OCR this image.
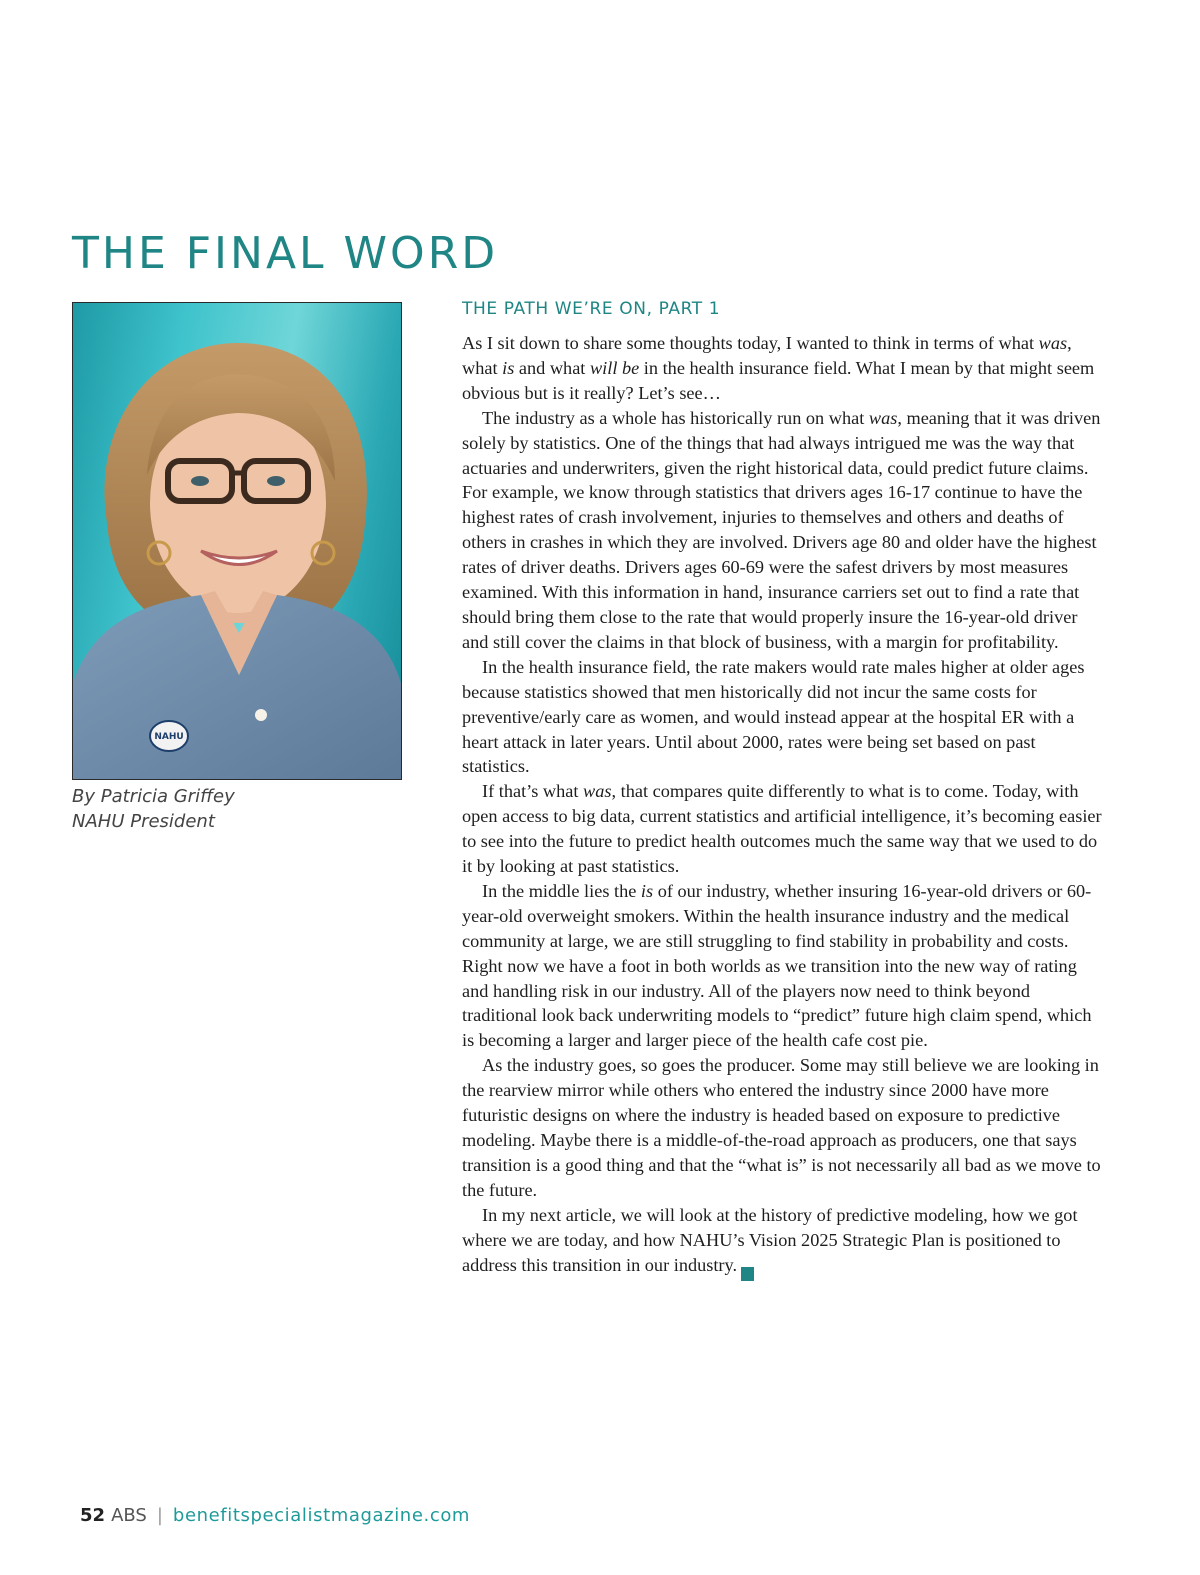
THE FINAL WORD
NAHU
By Patricia Griffey
NAHU President
THE PATH WE’RE ON, PART 1

As I sit down to share some thoughts today, I wanted to think in terms of what was, what is and what will be in the health insurance field. What I mean by that might seem obvious but is it really? Let’s see…

The industry as a whole has historically run on what was, meaning that it was driven solely by statistics. One of the things that had always intrigued me was the way that actuaries and underwriters, given the right historical data, could predict future claims. For example, we know through statistics that drivers ages 16-17 continue to have the highest rates of crash involvement, injuries to themselves and others and deaths of others in crashes in which they are involved. Drivers age 80 and older have the highest rates of driver deaths. Drivers ages 60-69 were the safest drivers by most measures examined. With this information in hand, insurance carriers set out to find a rate that should bring them close to the rate that would properly insure the 16-year-old driver and still cover the claims in that block of business, with a margin for profitability.

In the health insurance field, the rate makers would rate males higher at older ages because statistics showed that men historically did not incur the same costs for preventive/early care as women, and would instead appear at the hospital ER with a heart attack in later years. Until about 2000, rates were being set based on past statistics.

If that’s what was, that compares quite differently to what is to come. Today, with open access to big data, current statistics and artificial intelligence, it’s becoming easier to see into the future to predict health outcomes much the same way that we used to do it by looking at past statistics.

In the middle lies the is of our industry, whether insuring 16-year-old drivers or 60-year-old overweight smokers. Within the health insurance industry and the medical community at large, we are still struggling to find stability in probability and costs. Right now we have a foot in both worlds as we transition into the new way of rating and handling risk in our industry. All of the players now need to think beyond traditional look back underwriting models to “predict” future high claim spend, which is becoming a larger and larger piece of the health cafe cost pie.

As the industry goes, so goes the producer. Some may still believe we are looking in the rearview mirror while others who entered the industry since 2000 have more futuristic designs on where the industry is headed based on exposure to predictive modeling. Maybe there is a middle-of-the-road approach as producers, one that says transition is a good thing and that the “what is” is not necessarily all bad as we move to the future.

In my next article, we will look at the history of predictive modeling, how we got where we are today, and how NAHU’s Vision 2025 Strategic Plan is positioned to address this transition in our industry.	ABS

52 ABS | benefitspecialistmagazine.com
